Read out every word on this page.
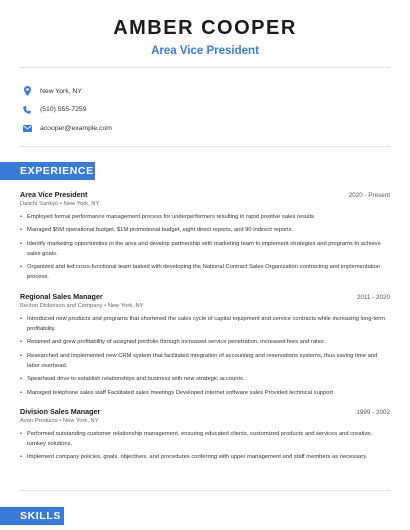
AMBER COOPER
Area Vice President
New York, NY
(510) 555-7259
acooper@example.com
EXPERIENCE
Area Vice President	2020 - Present
Daiichi Sankyo • New York, NY
• Employed formal performance management process for underperformers resulting in rapid positive sales results.
• Managed $5M operational budget, $1M promotional budget, eight direct reports, and 90 indirect reports.
• Identify marketing opportunities in the area and develop partnership with marketing team to implement strategies and programs to achieve sales goals.
• Organized and led cross-functional team tasked with developing the National Contract Sales Organization contracting and implementation process.
Regional Sales Manager	2011 - 2020
Becton Dickinson and Company • New York, NY
• Introduced new products and programs that shortened the sales cycle of capital equipment and service contracts while increasing long-term profitability.
• Retained and grew profitability of assigned portfolio through increased service penetration, increased fees and rates.
• Researched and implemented new CRM system that facilitated integration of accounting and reservations systems, thus saving time and labor overhead.
• Spearhead drive to establish relationships and business with new strategic accounts.
• Managed telephone sales staff Facilitated sales meetings Developed internet software sales Provided technical support
Division Sales Manager	1999 - 2002
Avon Products • New York, NY
• Performed outstanding customer relationship management, ensuring educated clients, customized products and services and creative, turnkey solutions.
• Implement company policies, goals, objectives, and procedures conferring with upper management and staff members as necessary.
SKILLS
